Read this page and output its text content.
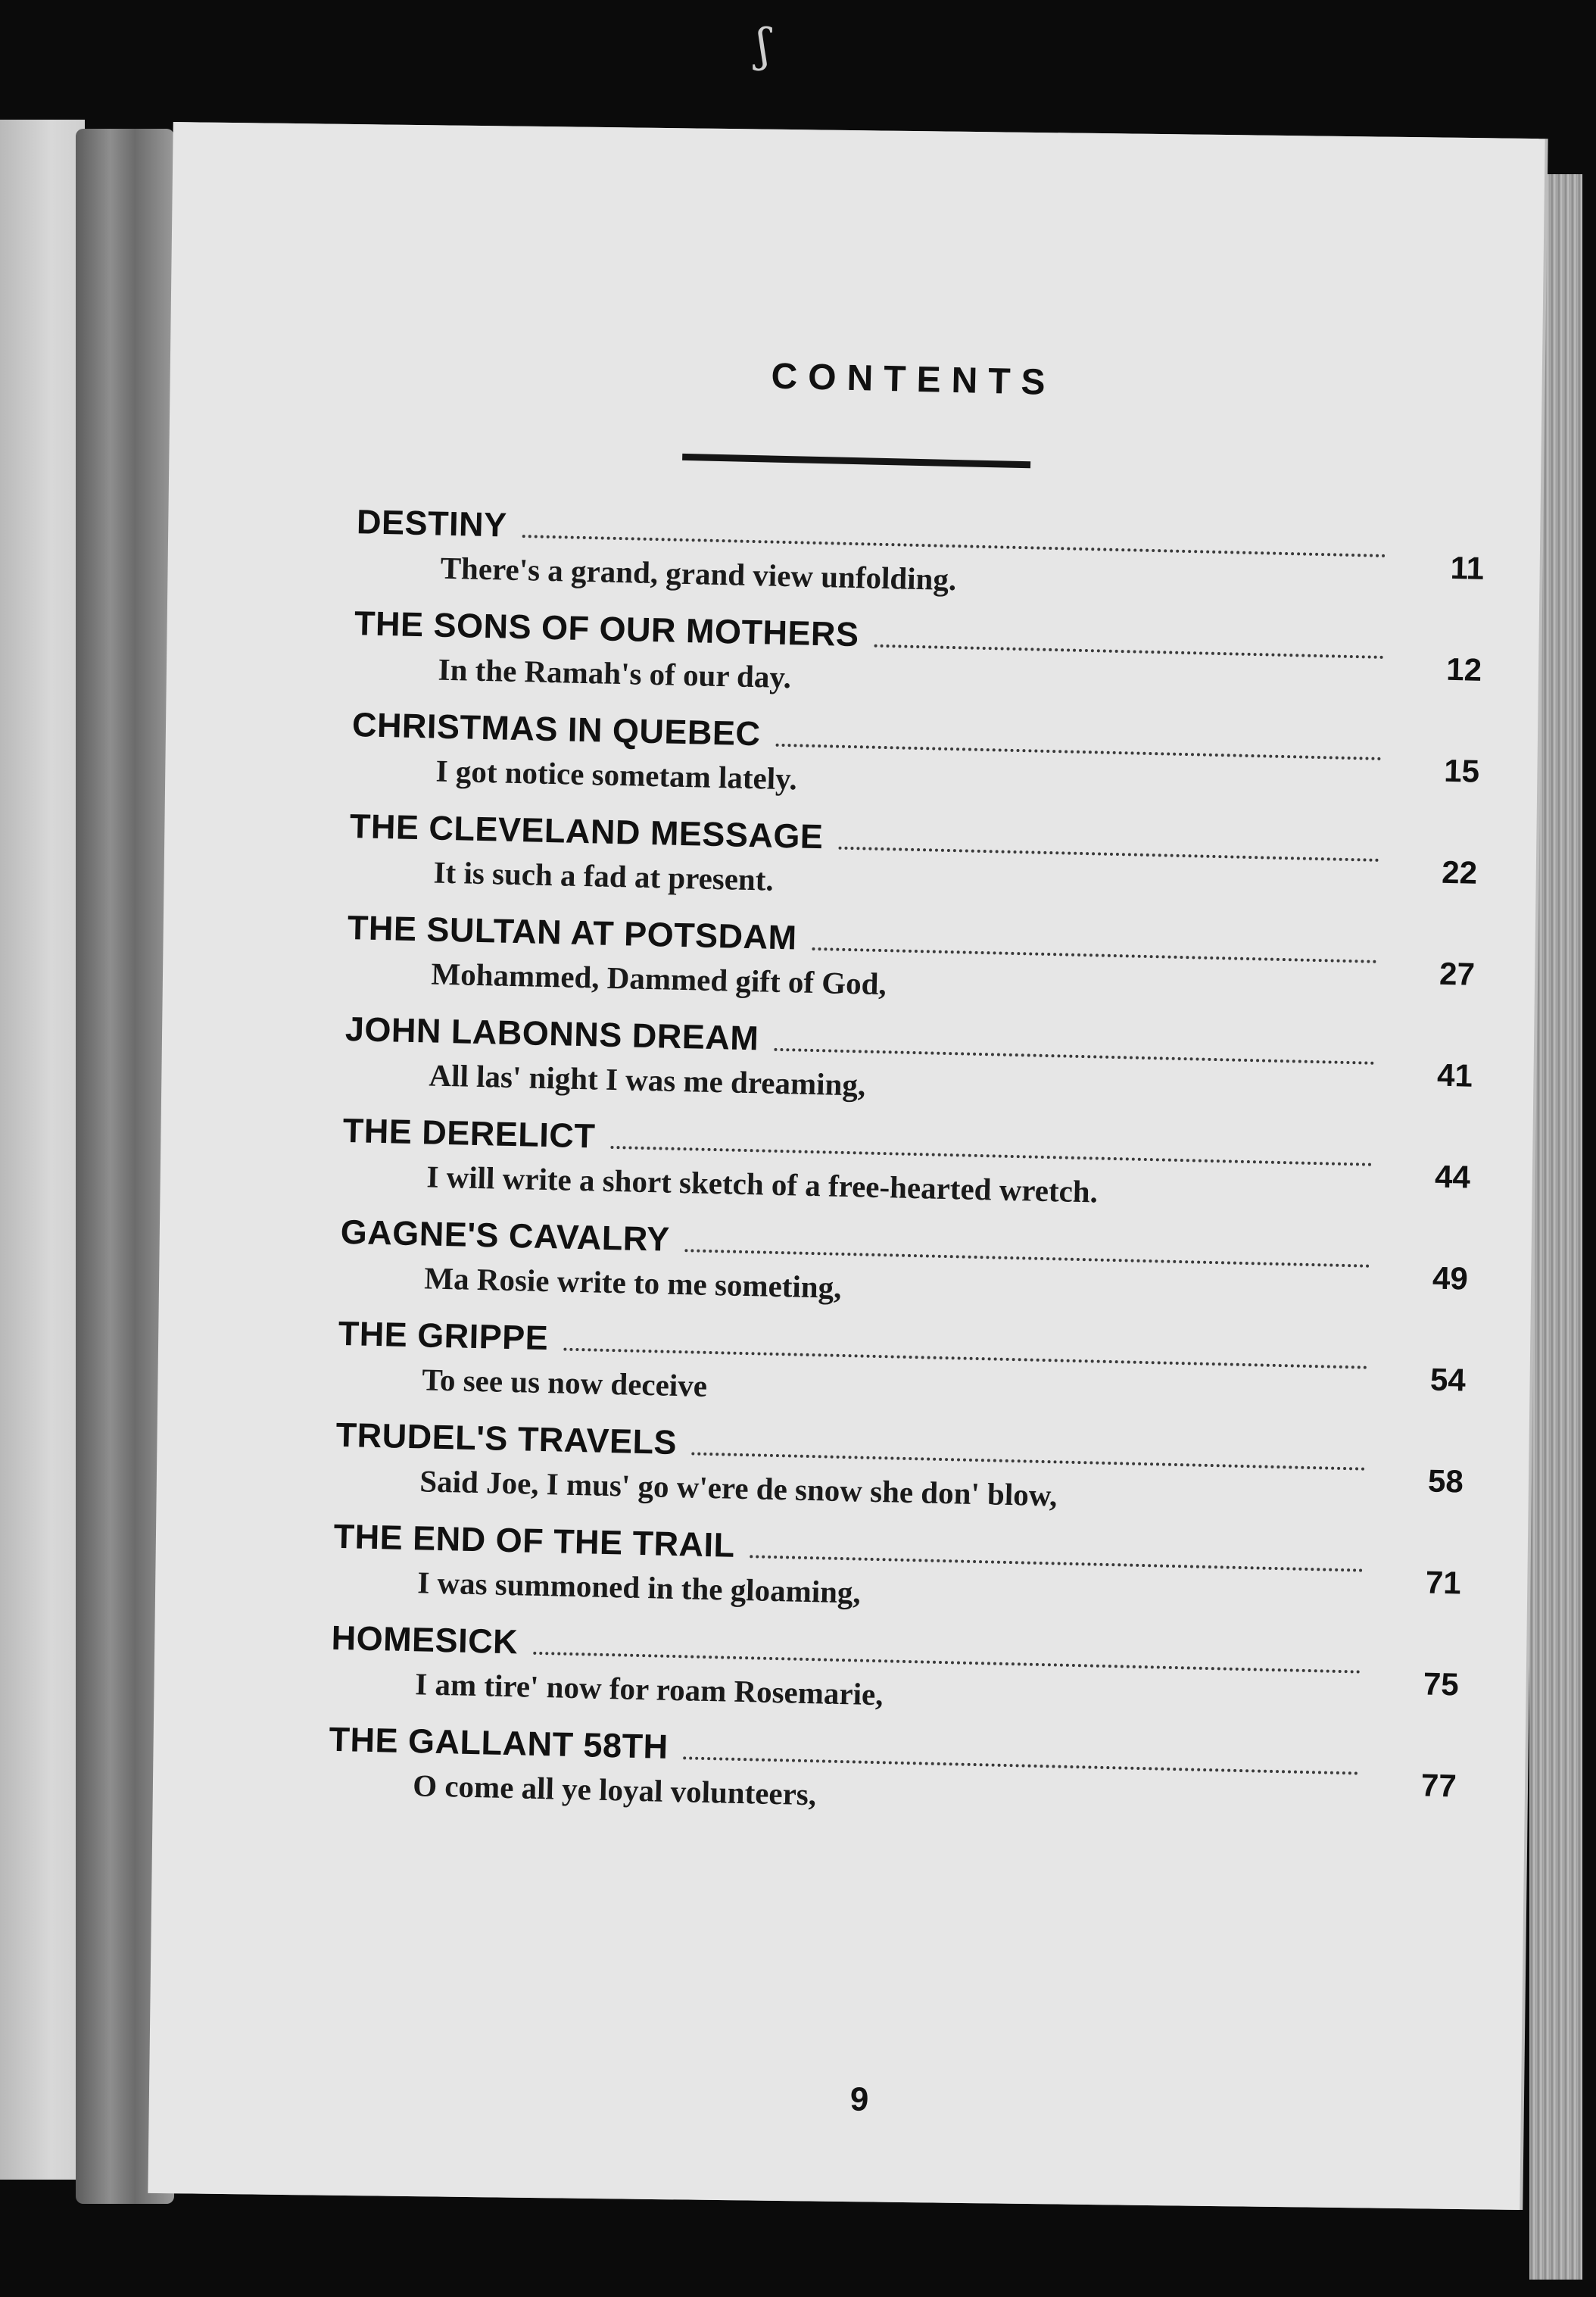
ʃ
CONTENTS
DESTINY
11
There's a grand, grand view unfolding.
THE SONS OF OUR MOTHERS
12
In the Ramah's of our day.
CHRISTMAS IN QUEBEC
15
I got notice sometam lately.
THE CLEVELAND MESSAGE
22
It is such a fad at present.
THE SULTAN AT POTSDAM
27
Mohammed, Dammed gift of God,
JOHN LABONNS DREAM
41
All las' night I was me dreaming,
THE DERELICT
44
I will write a short sketch of a free-hearted wretch.
GAGNE'S CAVALRY
49
Ma Rosie write to me someting,
THE GRIPPE
54
To see us now deceive
TRUDEL'S TRAVELS
58
Said Joe, I mus' go w'ere de snow she don' blow,
THE END OF THE TRAIL
71
I was summoned in the gloaming,
HOMESICK
75
I am tire' now for roam Rosemarie,
THE GALLANT 58TH
77
O come all ye loyal volunteers,
9
